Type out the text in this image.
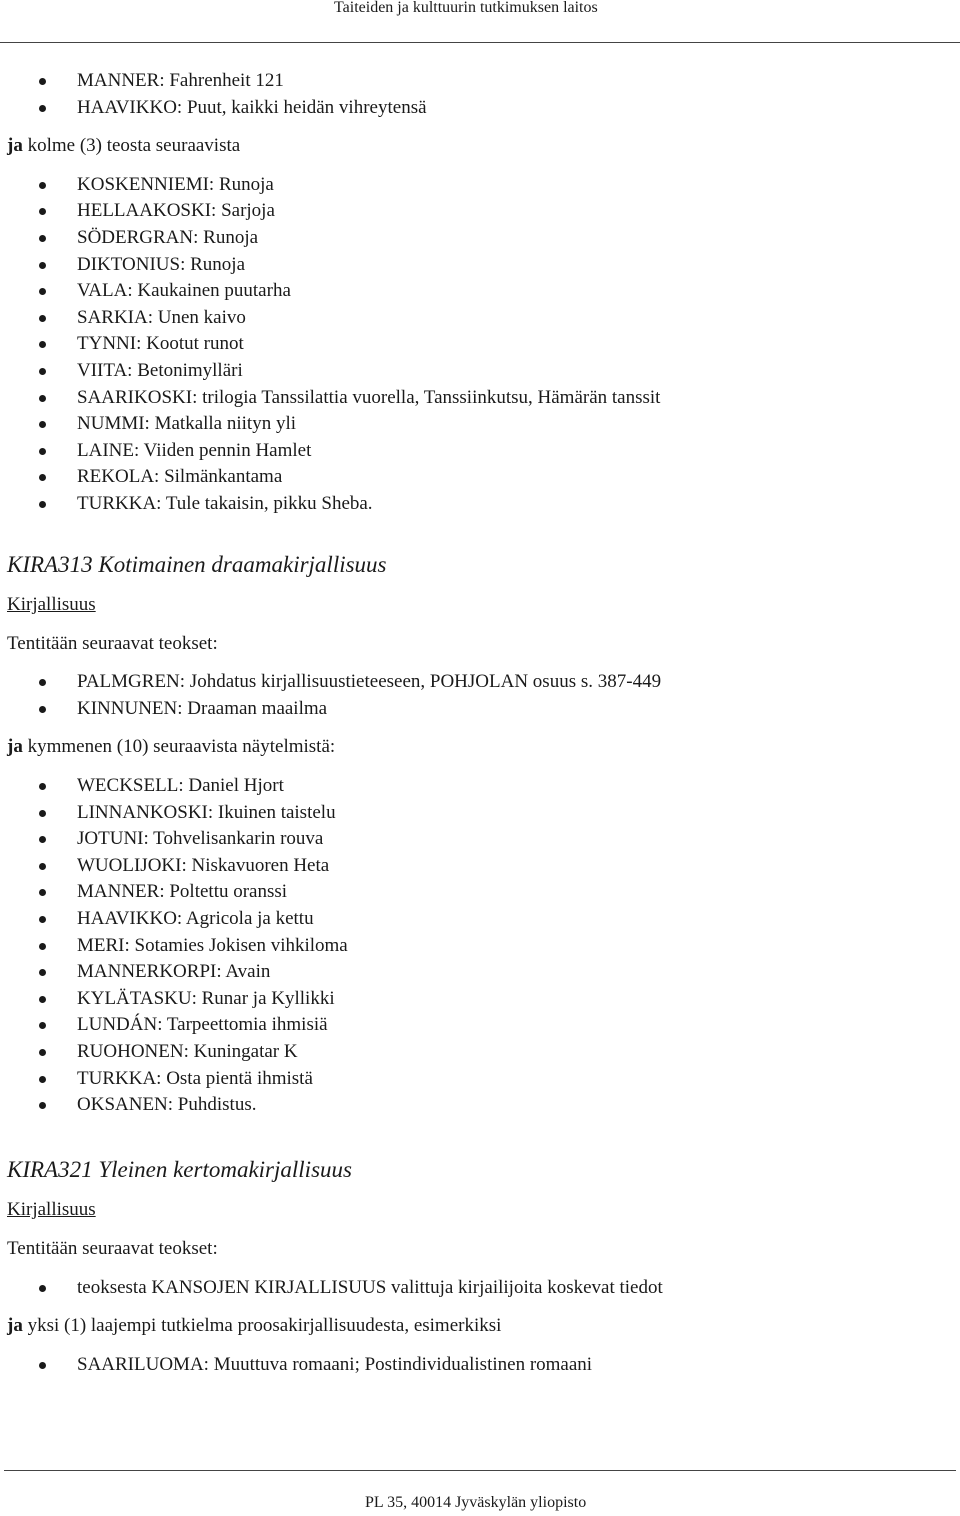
Taiteiden ja kulttuurin tutkimuksen laitos
MANNER: Fahrenheit 121
HAAVIKKO: Puut, kaikki heidän vihreytensä
ja kolme (3) teosta seuraavista
KOSKENNIEMI: Runoja
HELLAAKOSKI: Sarjoja
SÖDERGRAN: Runoja
DIKTONIUS: Runoja
VALA: Kaukainen puutarha
SARKIA: Unen kaivo
TYNNI: Kootut runot
VIITA: Betonimylläri
SAARIKOSKI: trilogia Tanssilattia vuorella, Tanssiinkutsu, Hämärän tanssit
NUMMI: Matkalla niityn yli
LAINE: Viiden pennin Hamlet
REKOLA: Silmänkantama
TURKKA: Tule takaisin, pikku Sheba.
KIRA313 Kotimainen draamakirjallisuus
Kirjallisuus
Tentitään seuraavat teokset:
PALMGREN: Johdatus kirjallisuustieteeseen, POHJOLAN osuus s. 387-449
KINNUNEN: Draaman maailma
ja kymmenen (10) seuraavista näytelmistä:
WECKSELL: Daniel Hjort
LINNANKOSKI: Ikuinen taistelu
JOTUNI: Tohvelisankarin rouva
WUOLIJOKI: Niskavuoren Heta
MANNER: Poltettu oranssi
HAAVIKKO: Agricola ja kettu
MERI: Sotamies Jokisen vihkiloma
MANNERKORPI: Avain
KYLÄTASKU: Runar ja Kyllikki
LUNDÁN: Tarpeettomia ihmisiä
RUOHONEN: Kuningatar K
TURKKA: Osta pientä ihmistä
OKSANEN: Puhdistus.
KIRA321 Yleinen kertomakirjallisuus
Kirjallisuus
Tentitään seuraavat teokset:
teoksesta KANSOJEN KIRJALLISUUS valittuja kirjailijoita koskevat tiedot
ja yksi (1) laajempi tutkielma proosakirjallisuudesta, esimerkiksi
SAARILUOMA: Muuttuva romaani; Postindividualistinen romaani
PL 35, 40014 Jyväskylän yliopisto
